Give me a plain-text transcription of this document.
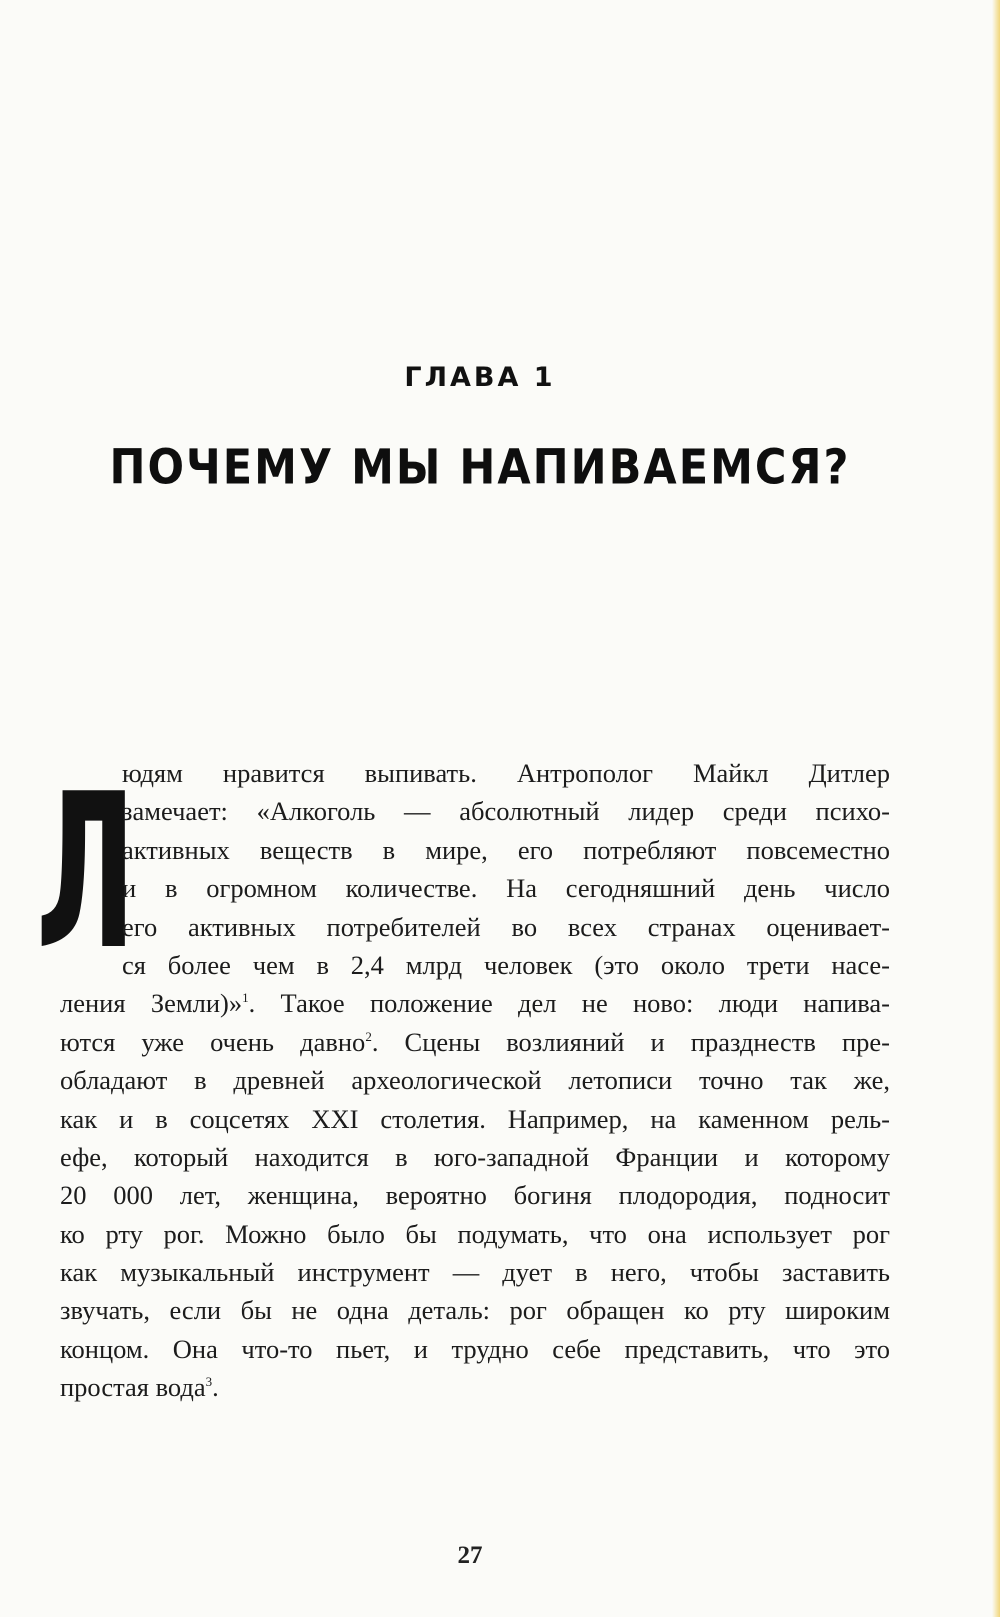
ГЛАВА 1
ПОЧЕМУ МЫ НАПИВАЕМСЯ?
Л
юдям нравится выпивать. Антрополог Майкл Дитлер
замечает: «Алкоголь — абсолютный лидер среди психо-
активных веществ в мире, его потребляют повсеместно
и в огромном количестве. На сегодняшний день число
его активных потребителей во всех странах оценивает-
ся более чем в 2,4 млрд человек (это около трети насе-
ления Земли)»$^1$. Такое положение дел не ново: люди напива-
ются уже очень давно$^2$. Сцены возлияний и празднеств пре-
обладают в древней археологической летописи точно так же,
как и в соцсетях XXI столетия. Например, на каменном рель-
ефе, который находится в юго-западной Франции и которому
20 000 лет, женщина, вероятно богиня плодородия, подносит
ко рту рог. Можно было бы подумать, что она использует рог
как музыкальный инструмент — дует в него, чтобы заставить
звучать, если бы не одна деталь: рог обращен ко рту широким
концом. Она что-то пьет, и трудно себе представить, что это
простая вода$^3$.
27
